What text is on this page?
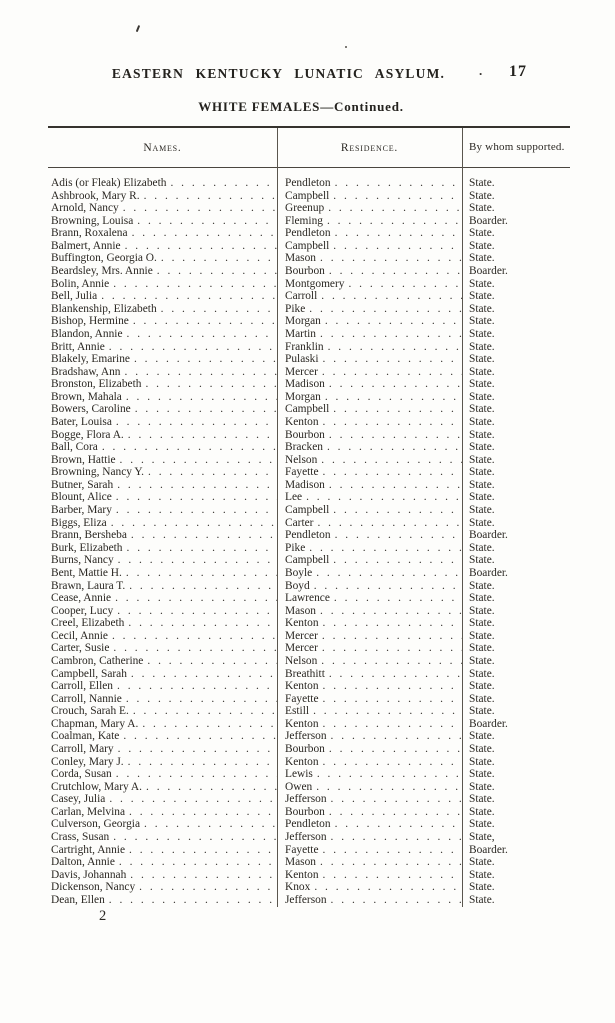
.
EASTERN KENTUCKY LUNATIC ASYLUM.	17
WHITE FEMALES—Continued.
Names.	Residence.	By whom supported.
Adis (or Fleak) Elizabeth . . .	Pendleton . . .	State.
Ashbrook, Mary R. . . .	Campbell . . .	State.
Arnold, Nancy . . .	Greenup . . .	State.
Browning, Louisa . . .	Fleming . . .	Boarder.
Brann, Roxalena . . .	Pendleton . . .	State.
Balmert, Annie . . .	Campbell . . .	State.
Buffington, Georgia O. . . .	Mason . . .	State.
Beardsley, Mrs. Annie . . .	Bourbon . . .	Boarder.
Bolin, Annie . . .	Montgomery . . .	State.
Bell, Julia . . .	Carroll . . .	State.
Blankenship, Elizabeth . . .	Pike . . .	State.
Bishop, Hermine . . .	Morgan . . .	State.
Blandon, Annie . . .	Martin . . .	State.
Britt, Annie . . .	Franklin . . .	State.
Blakely, Emarine . . .	Pulaski . . .	State.
Bradshaw, Ann . . .	Mercer . . .	State.
Bronston, Elizabeth . . .	Madison . . .	State.
Brown, Mahala . . .	Morgan . . .	State.
Bowers, Caroline . . .	Campbell . . .	State.
Bater, Louisa . . .	Kenton . . .	State.
Bogge, Flora A. . . .	Bourbon . . .	State.
Ball, Cora . . .	Bracken . . .	State.
Brown, Hattie . . .	Nelson . . .	State.
Browning, Nancy Y. . . .	Fayette . . .	State.
Butner, Sarah . . .	Madison . . .	State.
Blount, Alice . . .	Lee . . .	State.
Barber, Mary . . .	Campbell . . .	State.
Biggs, Eliza . . .	Carter . . .	State.
Brann, Bersheba . . .	Pendleton . . .	Boarder.
Burk, Elizabeth . . .	Pike . . .	State.
Burns, Nancy . . .	Campbell . . .	State.
Bent, Mattie H. . . .	Boyle . . .	Boarder.
Brawn, Laura T. . . .	Boyd . . .	State.
Cease, Annie . . .	Lawrence . . .	State.
Cooper, Lucy . . .	Mason . . .	State.
Creel, Elizabeth . . .	Kenton . . .	State.
Cecil, Annie . . .	Mercer . . .	State.
Carter, Susie . . .	Mercer . . .	State.
Cambron, Catherine . . .	Nelson . . .	State.
Campbell, Sarah . . .	Breathitt . . .	State.
Carroll, Ellen . . .	Kenton . . .	State.
Carroll, Nannie . . .	Fayette . . .	State.
Crouch, Sarah E. . . .	Estill . . .	State.
Chapman, Mary A. . . .	Kenton . . .	Boarder.
Coalman, Kate . . .	Jefferson . . .	State.
Carroll, Mary . . .	Bourbon . . .	State.
Conley, Mary J. . . .	Kenton . . .	State.
Corda, Susan . . .	Lewis . . .	State.
Crutchlow, Mary A. . . .	Owen . . .	State.
Casey, Julia . . .	Jefferson . . .	State.
Carlan, Melvina . . .	Bourbon . . .	State.
Culverson, Georgia . . .	Pendleton . . .	State.
Crass, Susan . . .	Jefferson . . .	State,
Cartright, Annie . . .	Fayette . . .	Boarder.
Dalton, Annie . . .	Mason . . .	State.
Davis, Johannah . . .	Kenton . . .	State.
Dickenson, Nancy . . .	Knox . . .	State.
Dean, Ellen . . .	Jefferson . . .	State.
2
